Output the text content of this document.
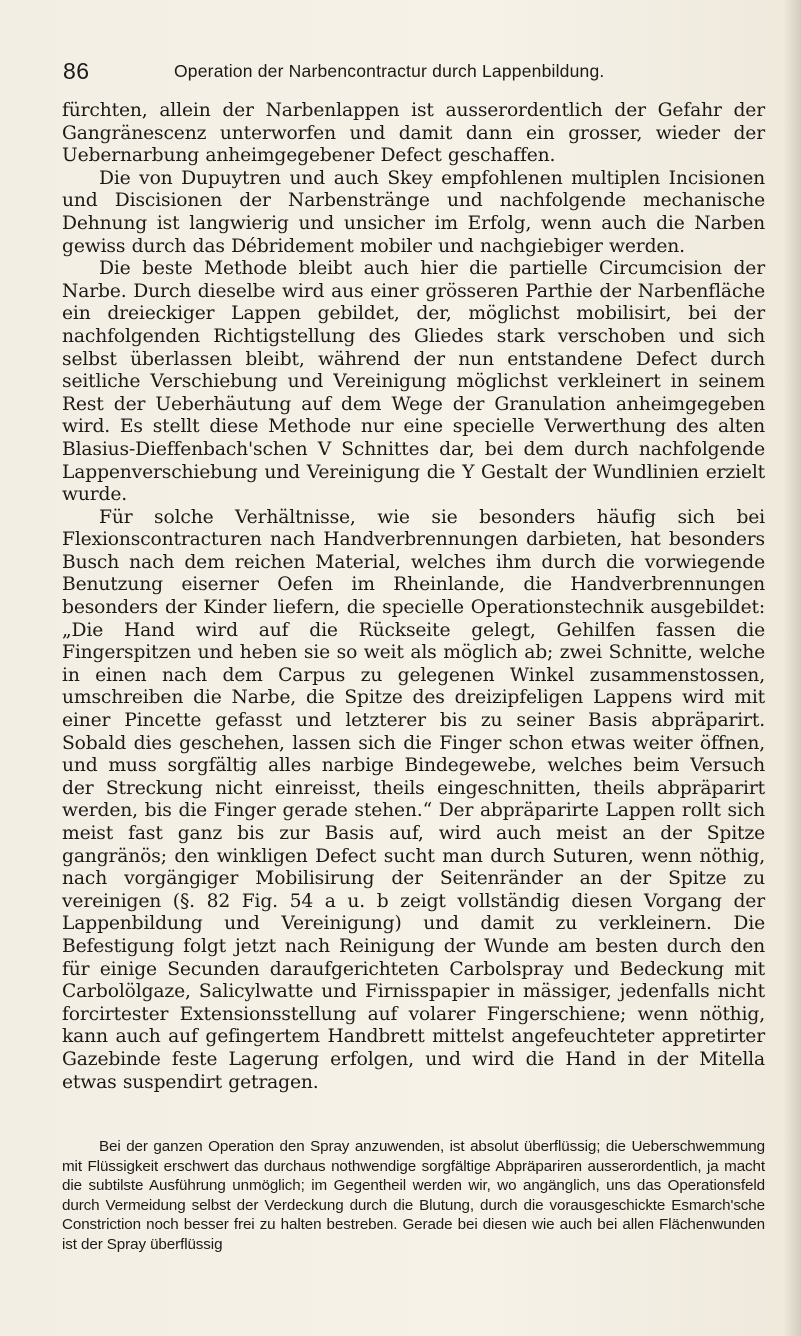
86	Operation der Narbencontractur durch Lappenbildung.

fürchten, allein der Narbenlappen ist ausserordentlich der Gefahr der Gangränescenz unterworfen und damit dann ein grosser, wieder der Uebernarbung anheimgegebener Defect geschaffen.

Die von Dupuytren und auch Skey empfohlenen multiplen Incisionen und Discisionen der Narbenstränge und nachfolgende mechanische Dehnung ist langwierig und unsicher im Erfolg, wenn auch die Narben gewiss durch das Débridement mobiler und nachgiebiger werden.

Die beste Methode bleibt auch hier die partielle Circumcision der Narbe. Durch dieselbe wird aus einer grösseren Parthie der Narbenfläche ein dreieckiger Lappen gebildet, der, möglichst mobilisirt, bei der nachfolgenden Richtigstellung des Gliedes stark verschoben und sich selbst überlassen bleibt, während der nun entstandene Defect durch seitliche Verschiebung und Vereinigung möglichst verkleinert in seinem Rest der Ueberhäutung auf dem Wege der Granulation anheimgegeben wird. Es stellt diese Methode nur eine specielle Verwerthung des alten Blasius-Dieffenbach'schen V Schnittes dar, bei dem durch nachfolgende Lappenverschiebung und Vereinigung die Y Gestalt der Wundlinien erzielt wurde.

Für solche Verhältnisse, wie sie besonders häufig sich bei Flexionscontracturen nach Handverbrennungen darbieten, hat besonders Busch nach dem reichen Material, welches ihm durch die vorwiegende Benutzung eiserner Oefen im Rheinlande, die Handverbrennungen besonders der Kinder liefern, die specielle Operationstechnik ausgebildet: „Die Hand wird auf die Rückseite gelegt, Gehilfen fassen die Fingerspitzen und heben sie so weit als möglich ab; zwei Schnitte, welche in einen nach dem Carpus zu gelegenen Winkel zusammenstossen, umschreiben die Narbe, die Spitze des dreizipfeligen Lappens wird mit einer Pincette gefasst und letzterer bis zu seiner Basis abpräparirt. Sobald dies geschehen, lassen sich die Finger schon etwas weiter öffnen, und muss sorgfältig alles narbige Bindegewebe, welches beim Versuch der Streckung nicht einreisst, theils eingeschnitten, theils abpräparirt werden, bis die Finger gerade stehen.“ Der abpräparirte Lappen rollt sich meist fast ganz bis zur Basis auf, wird auch meist an der Spitze gangränös; den winkligen Defect sucht man durch Suturen, wenn nöthig, nach vorgängiger Mobilisirung der Seitenränder an der Spitze zu vereinigen (§. 82 Fig. 54 a u. b zeigt vollständig diesen Vorgang der Lappenbildung und Vereinigung) und damit zu verkleinern. Die Befestigung folgt jetzt nach Reinigung der Wunde am besten durch den für einige Secunden daraufgerichteten Carbolspray und Bedeckung mit Carbolölgaze, Salicylwatte und Firnisspapier in mässiger, jedenfalls nicht forcirtester Extensionsstellung auf volarer Fingerschiene; wenn nöthig, kann auch auf gefingertem Handbrett mittelst angefeuchteter appretirter Gazebinde feste Lagerung erfolgen, und wird die Hand in der Mitella etwas suspendirt getragen.

Bei der ganzen Operation den Spray anzuwenden, ist absolut überflüssig; die Ueberschwemmung mit Flüssigkeit erschwert das durchaus nothwendige sorgfältige Abpräpariren ausserordentlich, ja macht die subtilste Ausführung unmöglich; im Gegentheil werden wir, wo angänglich, uns das Operationsfeld durch Vermeidung selbst der Verdeckung durch die Blutung, durch die vorausgeschickte Esmarch'sche Constriction noch besser frei zu halten bestreben. Gerade bei diesen wie auch bei allen Flächenwunden ist der Spray überflüssig
